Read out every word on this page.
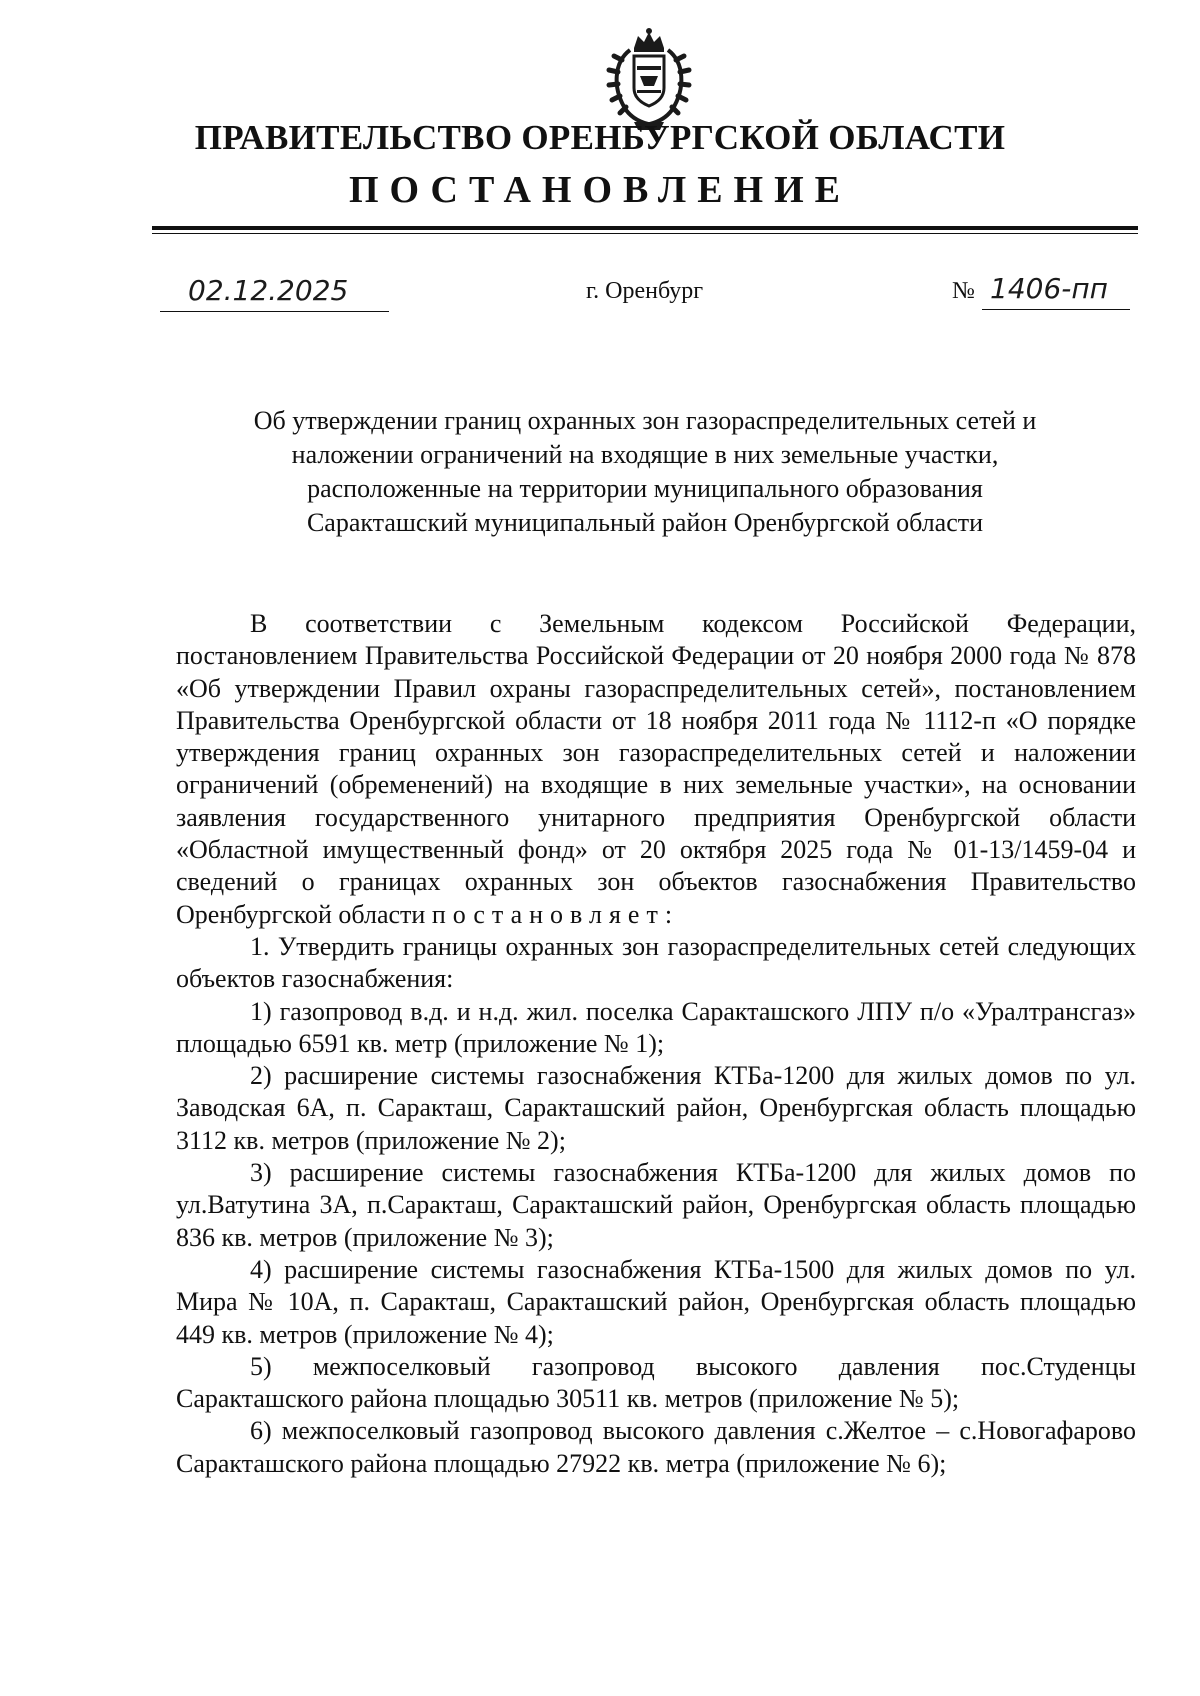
ПРАВИТЕЛЬСТВО ОРЕНБУРГСКОЙ ОБЛАСТИ
ПОСТАНОВЛЕНИЕ
02.12.2025	г. Оренбург	№ 1406-пп
Об утверждении границ охранных зон газораспределительных сетей и
наложении ограничений на входящие в них земельные участки,
расположенные на территории муниципального образования
Саракташский муниципальный район Оренбургской области

В соответствии с Земельным кодексом Российской Федерации, постановлением Правительства Российской Федерации от 20 ноября 2000 года № 878 «Об утверждении Правил охраны газораспределительных сетей», постановлением Правительства Оренбургской области от 18 ноября 2011 года № 1112-п «О порядке утверждения границ охранных зон газораспределительных сетей и наложении ограничений (обременений) на входящие в них земельные участки», на основании заявления государственного унитарного предприятия Оренбургской области «Областной имущественный фонд» от 20 октября 2025 года № 01-13/1459-04 и сведений о границах охранных зон объектов газоснабжения Правительство Оренбургской области постановляет:

1. Утвердить границы охранных зон газораспределительных сетей следующих объектов газоснабжения:

1) газопровод в.д. и н.д. жил. поселка Саракташского ЛПУ п/о «Уралтрансгаз» площадью 6591 кв. метр (приложение № 1);

2) расширение системы газоснабжения КТБа-1200 для жилых домов по ул. Заводская 6А, п. Саракташ, Саракташский район, Оренбургская область площадью 3112 кв. метров (приложение № 2);

3) расширение системы газоснабжения КТБа-1200 для жилых домов по ул.Ватутина 3А, п.Саракташ, Саракташский район, Оренбургская область площадью 836 кв. метров (приложение № 3);

4) расширение системы газоснабжения КТБа-1500 для жилых домов по ул. Мира № 10А, п. Саракташ, Саракташский район, Оренбургская область площадью 449 кв. метров (приложение № 4);

5) межпоселковый газопровод высокого давления пос.Студенцы Саракташского района площадью 30511 кв. метров (приложение № 5);

6) межпоселковый газопровод высокого давления с.Желтое – с.Новогафарово Саракташского района площадью 27922 кв. метра (приложение № 6);
